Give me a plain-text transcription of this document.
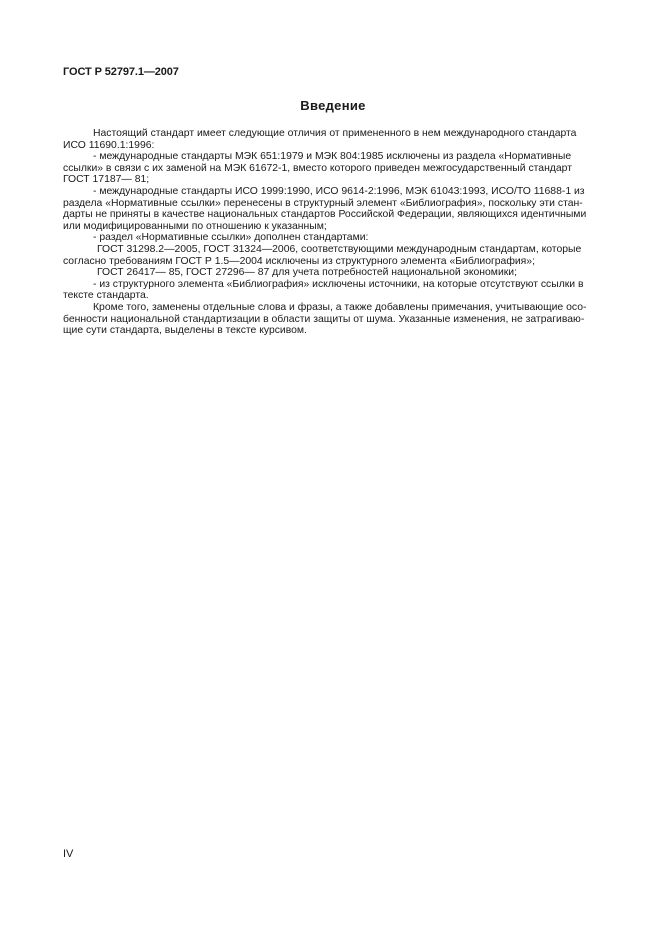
ГОСТ Р 52797.1—2007
Введение
Настоящий стандарт имеет следующие отличия от примененного в нем международного стандарта
ИСО 11690.1:1996:
- международные стандарты МЭК 651:1979 и МЭК 804:1985 исключены из раздела «Нормативные
ссылки» в связи с их заменой на МЭК 61672-1, вместо которого приведен межгосударственный стандарт
ГОСТ 17187— 81;
- международные стандарты ИСО 1999:1990, ИСО 9614-2:1996, МЭК 61043:1993, ИСО/ТО 11688-1 из
раздела «Нормативные ссылки» перенесены в структурный элемент «Библиография», поскольку эти стан-
дарты не приняты в качестве национальных стандартов Российской Федерации, являющихся идентичными
или модифицированными по отношению к указанным;
- раздел «Нормативные ссылки» дополнен стандартами:
ГОСТ 31298.2—2005, ГОСТ 31324—2006, соответствующими международным стандартам, которые
согласно требованиям ГОСТ Р 1.5—2004 исключены из структурного элемента «Библиография»;
ГОСТ 26417— 85, ГОСТ 27296— 87 для учета потребностей национальной экономики;
- из структурного элемента «Библиография» исключены источники, на которые отсутствуют ссылки в
тексте стандарта.
Кроме того, заменены отдельные слова и фразы, а также добавлены примечания, учитывающие осо-
бенности национальной стандартизации в области защиты от шума. Указанные изменения, не затрагиваю-
щие сути стандарта, выделены в тексте курсивом.
IV
